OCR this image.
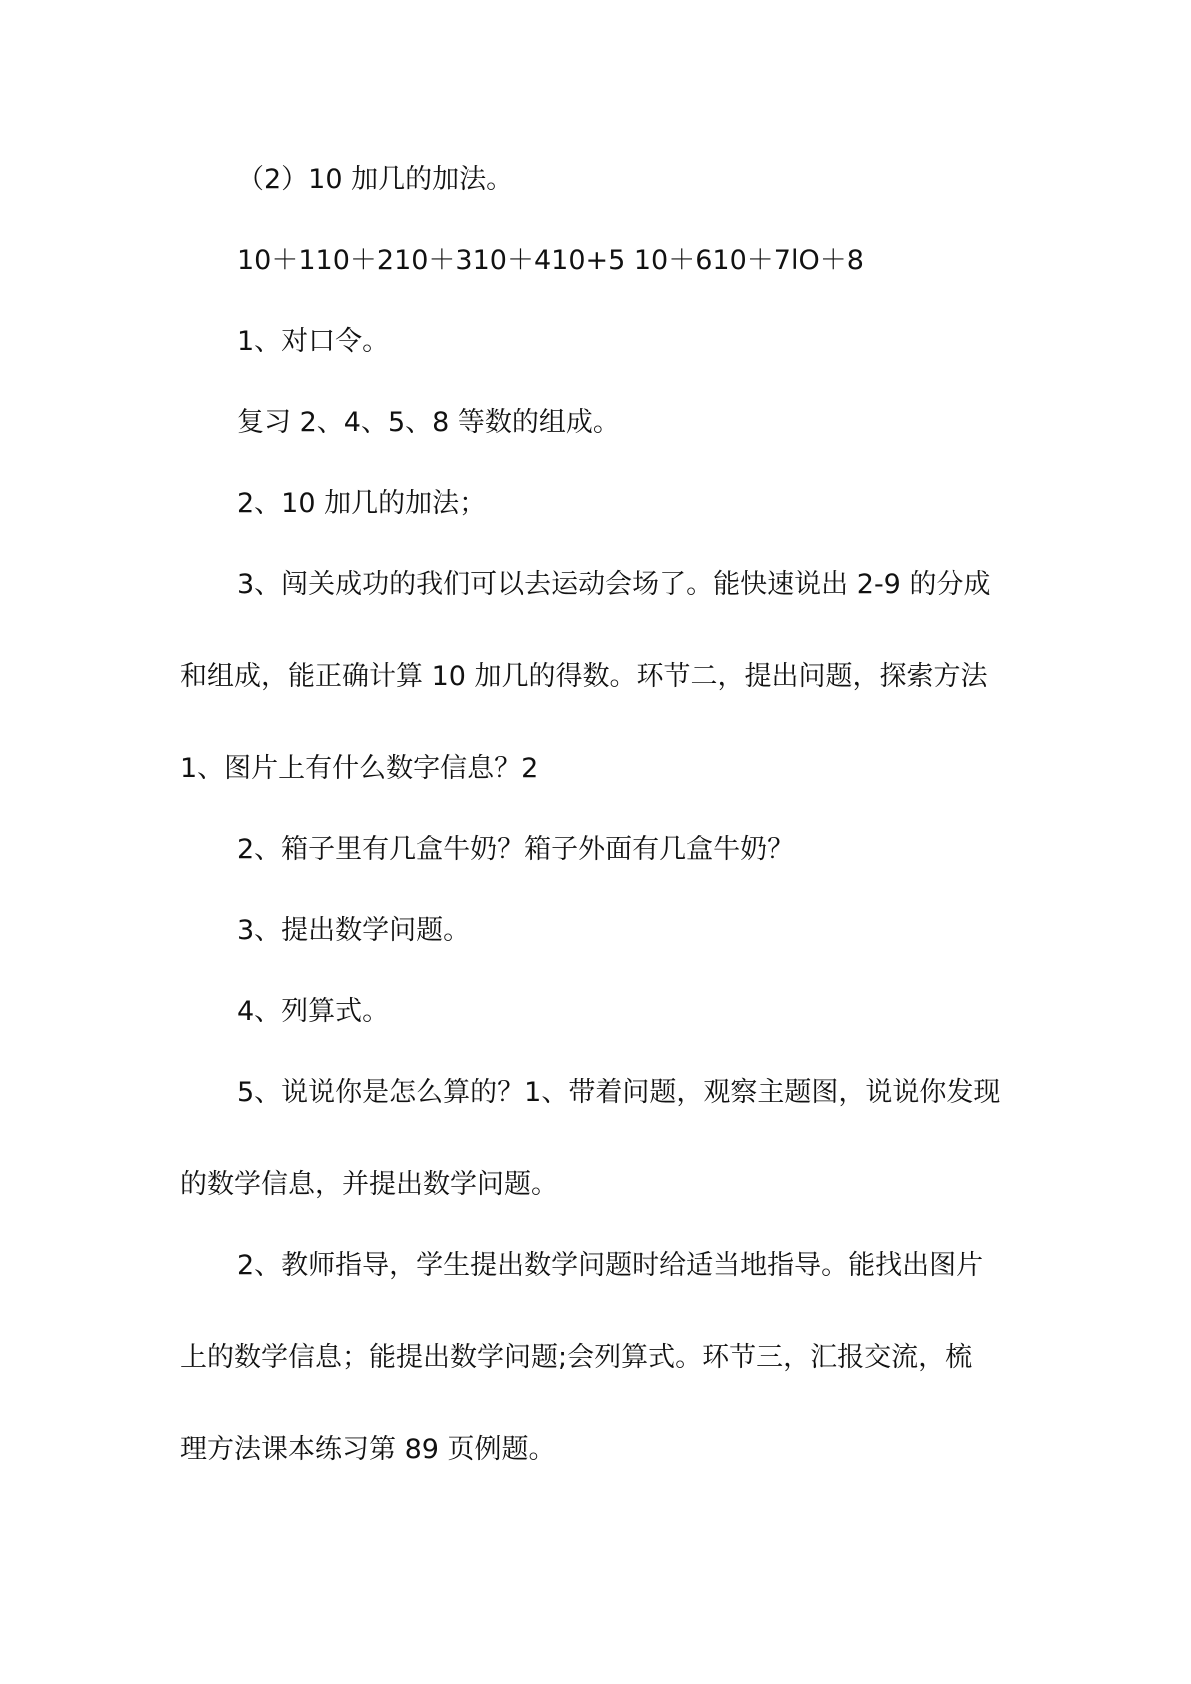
（2）10 加几的加法。

10＋110＋210＋310＋410+5 10＋610＋7lO＋8

1、对口令。

复习 2、4、5、8 等数的组成。

2、10 加几的加法；

3、闯关成功的我们可以去运动会场了。能快速说出 2-9 的分成

和组成，能正确计算 10 加几的得数。环节二，提出问题，探索方法

1、图片上有什么数字信息？2

2、箱子里有几盒牛奶？箱子外面有几盒牛奶？

3、提出数学问题。

4、列算式。

5、说说你是怎么算的？1、带着问题，观察主题图，说说你发现

的数学信息，并提出数学问题。

2、教师指导，学生提出数学问题时给适当地指导。能找出图片

上的数学信息；能提出数学问题;会列算式。环节三，汇报交流，梳

理方法课本练习第 89 页例题。
